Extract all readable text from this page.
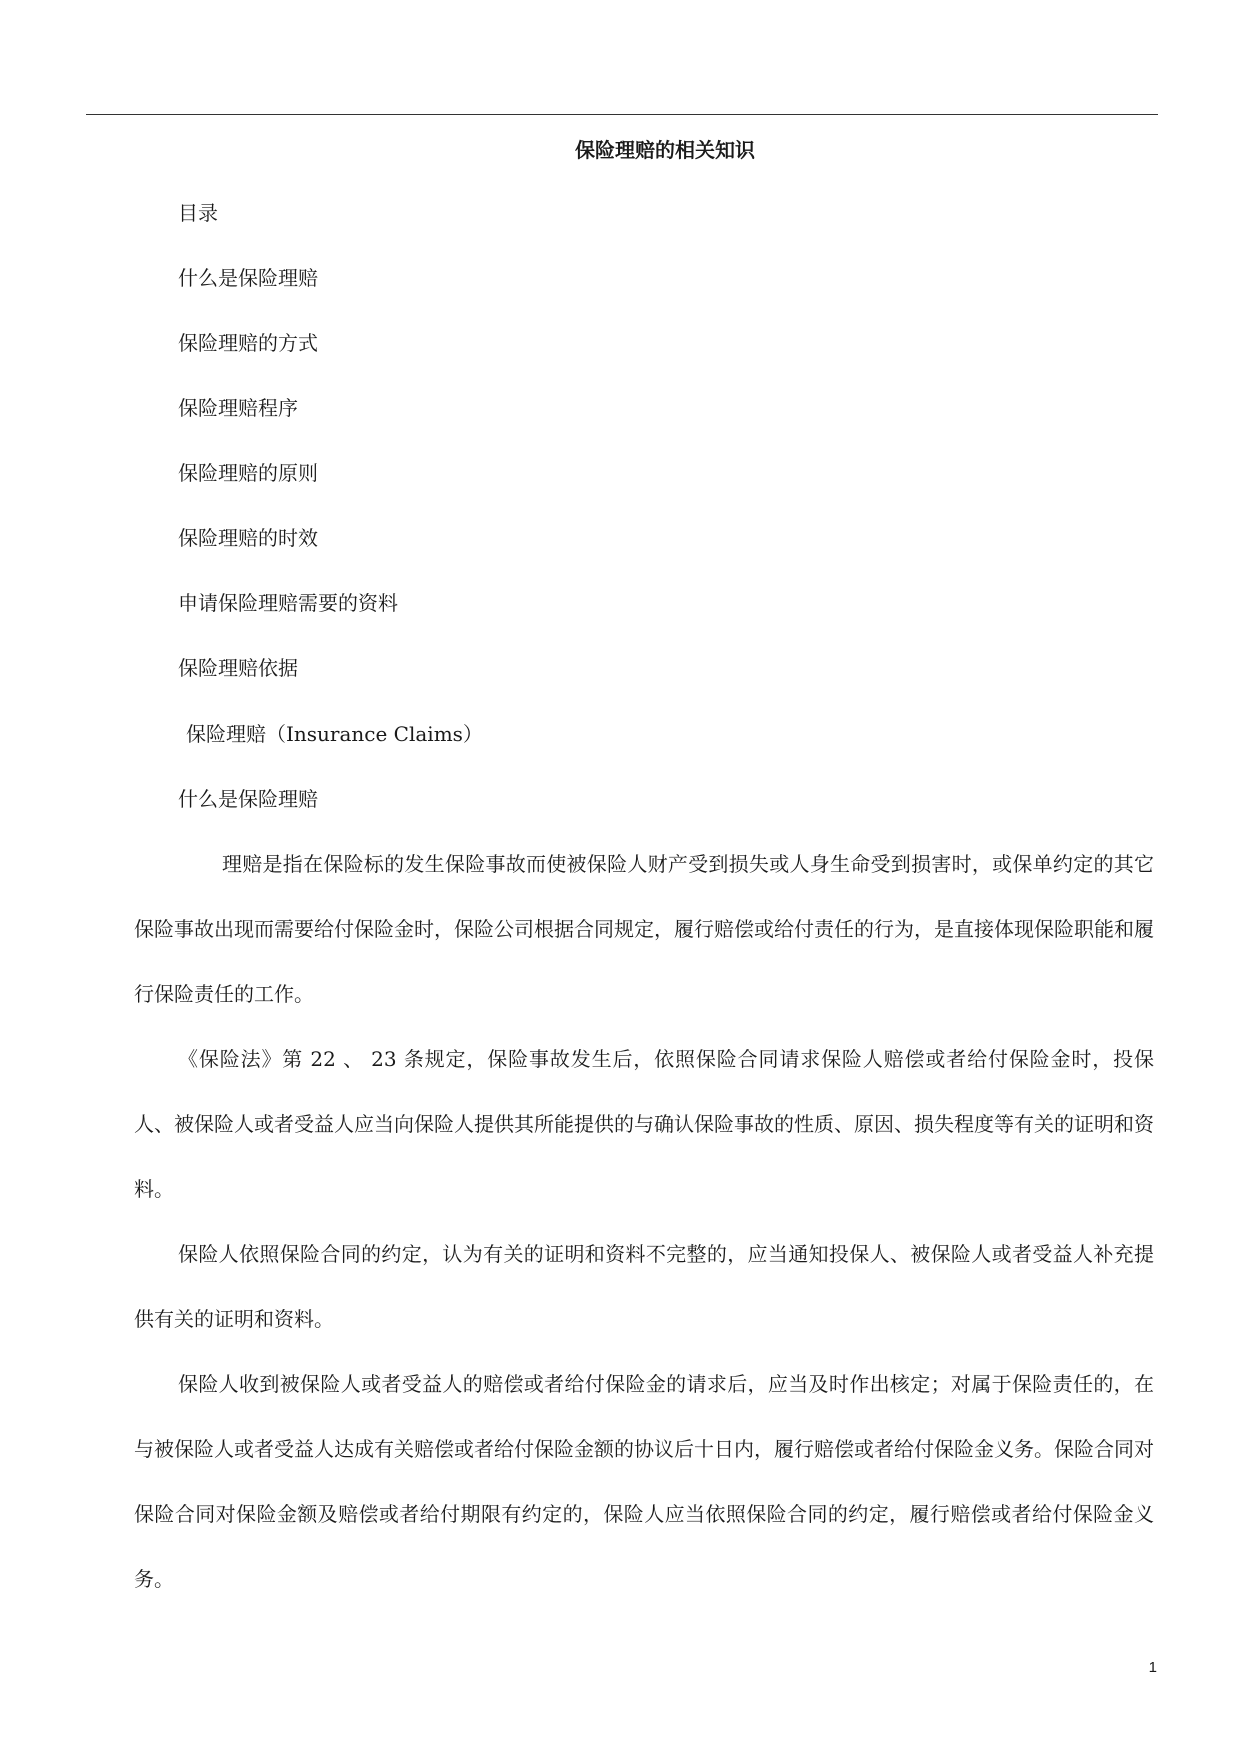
保险理赔的相关知识

目录

什么是保险理赔

保险理赔的方式

保险理赔程序

保险理赔的原则

保险理赔的时效

申请保险理赔需要的资料

保险理赔依据

保险理赔（Insurance Claims）

什么是保险理赔

理赔是指在保险标的发生保险事故而使被保险人财产受到损失或人身生命受到损害时，或保单约定的其它保险事故出现而需要给付保险金时，保险公司根据合同规定，履行赔偿或给付责任的行为，是直接体现保险职能和履行保险责任的工作。

《保险法》第 22 、 23 条规定，保险事故发生后，依照保险合同请求保险人赔偿或者给付保险金时，投保人、被保险人或者受益人应当向保险人提供其所能提供的与确认保险事故的性质、原因、损失程度等有关的证明和资料。

保险人依照保险合同的约定，认为有关的证明和资料不完整的，应当通知投保人、被保险人或者受益人补充提供有关的证明和资料。

保险人收到被保险人或者受益人的赔偿或者给付保险金的请求后，应当及时作出核定；对属于保险责任的，在与被保险人或者受益人达成有关赔偿或者给付保险金额的协议后十日内，履行赔偿或者给付保险金义务。保险合同对保险合同对保险金额及赔偿或者给付期限有约定的，保险人应当依照保险合同的约定，履行赔偿或者给付保险金义务。

1
